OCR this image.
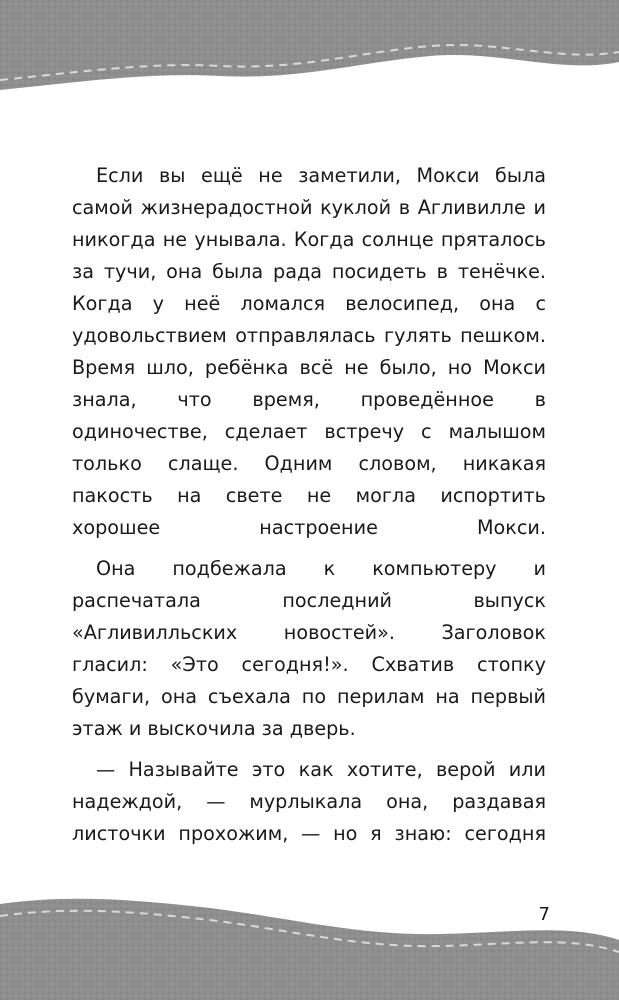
Если вы ещё не заметили, Мокси была самой жизнерадостной куклой в Агливилле и никогда не унывала. Когда солнце пряталось за тучи, она была рада посидеть в тенёчке. Когда у неё ломался велосипед, она с удовольствием отправлялась гулять пешком. Время шло, ребёнка всё не было, но Мокси знала, что время, проведённое в одиночестве, сделает встречу с малышом только слаще. Одним словом, никакая пакость на свете не могла испортить хорошее настроение Мокси.

Она подбежала к компьютеру и распечатала последний выпуск «Агливилльских новостей». Заголовок гласил: «Это сегодня!». Схватив стопку бумаги, она съехала по перилам на первый этаж и выскочила за дверь.

— Называйте это как хотите, верой или надеждой, — мурлыкала она, раздавая листочки прохожим, — но я знаю: сегодня

7
